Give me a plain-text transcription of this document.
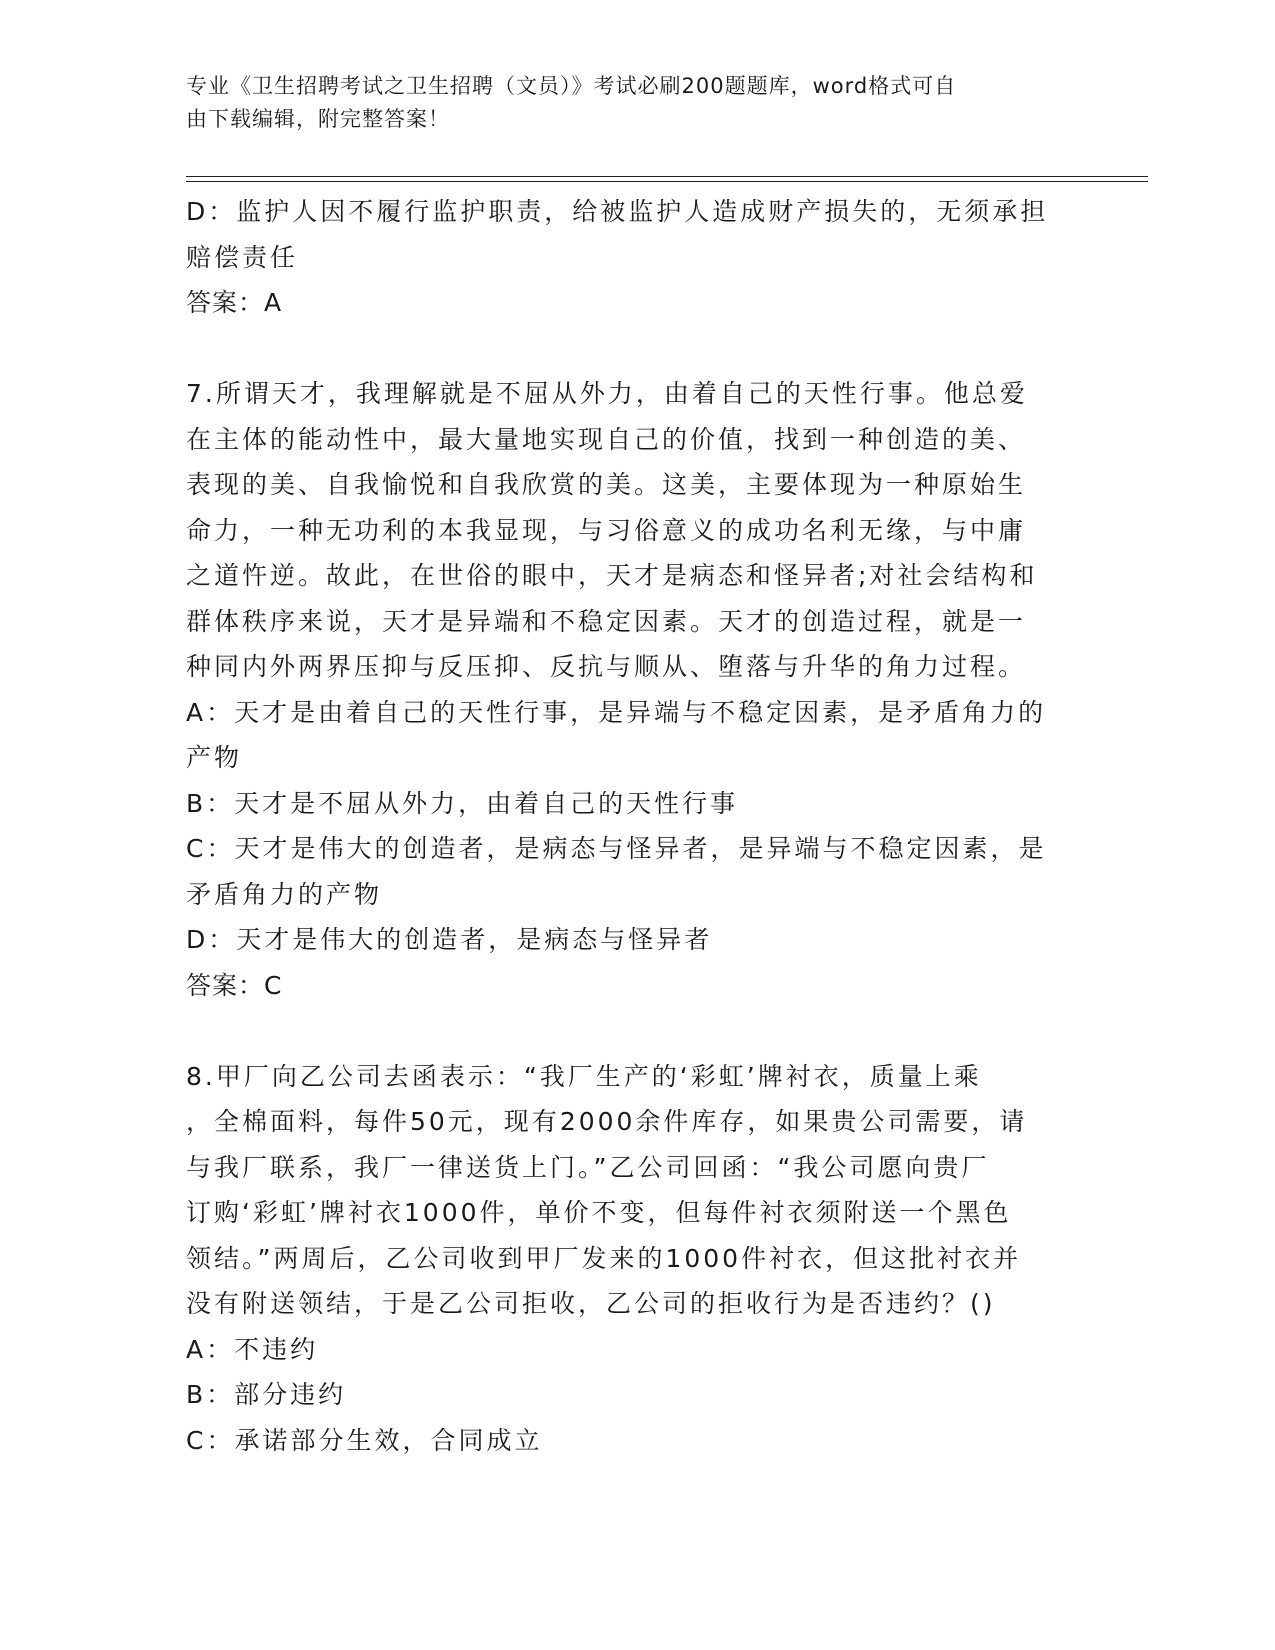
专业《卫生招聘考试之卫生招聘（文员）》考试必刷200题题库，word格式可自
由下载编辑，附完整答案！
D：监护人因不履行监护职责，给被监护人造成财产损失的，无须承担
赔偿责任
答案：A
7.所谓天才，我理解就是不屈从外力，由着自己的天性行事。他总爱
在主体的能动性中，最大量地实现自己的价值，找到一种创造的美、
表现的美、自我愉悦和自我欣赏的美。这美，主要体现为一种原始生
命力，一种无功利的本我显现，与习俗意义的成功名利无缘，与中庸
之道忤逆。故此，在世俗的眼中，天才是病态和怪异者;对社会结构和
群体秩序来说，天才是异端和不稳定因素。天才的创造过程，就是一
种同内外两界压抑与反压抑、反抗与顺从、堕落与升华的角力过程。
A：天才是由着自己的天性行事，是异端与不稳定因素，是矛盾角力的
产物
B：天才是不屈从外力，由着自己的天性行事
C：天才是伟大的创造者，是病态与怪异者，是异端与不稳定因素，是
矛盾角力的产物
D：天才是伟大的创造者，是病态与怪异者
答案：C
8.甲厂向乙公司去函表示：“我厂生产的‘彩虹’牌衬衣，质量上乘
，全棉面料，每件50元，现有2000余件库存，如果贵公司需要，请
与我厂联系，我厂一律送货上门。”乙公司回函：“我公司愿向贵厂
订购‘彩虹’牌衬衣1000件，单价不变，但每件衬衣须附送一个黑色
领结。”两周后，乙公司收到甲厂发来的1000件衬衣，但这批衬衣并
没有附送领结，于是乙公司拒收，乙公司的拒收行为是否违约？()
A：不违约
B：部分违约
C：承诺部分生效，合同成立
